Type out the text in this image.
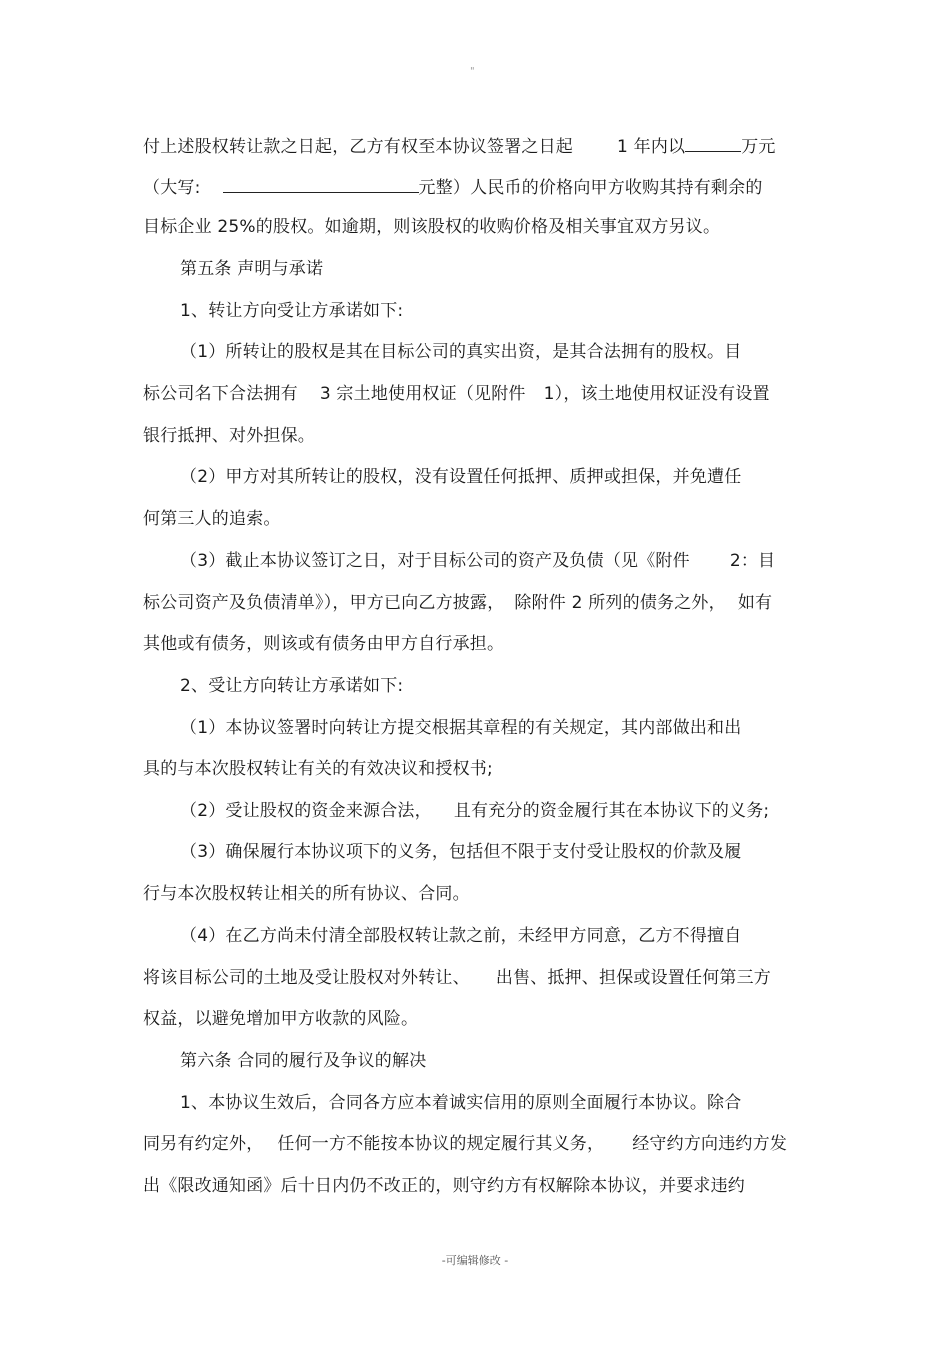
"
付上述股权转让款之日起，乙方有权至本协议签署之日起	1 年内以	万元
（大写:	元整）人民币的价格向甲方收购其持有剩余的
目标企业 25%的股权。如逾期，则该股权的收购价格及相关事宜双方另议。
第五条 声明与承诺
1、转让方向受让方承诺如下:
（1）所转让的股权是其在目标公司的真实出资，是其合法拥有的股权。目
标公司名下合法拥有 3 宗土地使用权证（见附件 1），该土地使用权证没有设置
银行抵押、对外担保。
（2）甲方对其所转让的股权，没有设置任何抵押、质押或担保，并免遭任
何第三人的追索。
（3）截止本协议签订之日，对于目标公司的资产及负债（见《附件 2：目
标公司资产及负债清单》），甲方已向乙方披露， 除附件 2 所列的债务之外， 如有
其他或有债务，则该或有债务由甲方自行承担。
2、受让方向转让方承诺如下:
（1）本协议签署时向转让方提交根据其章程的有关规定，其内部做出和出
具的与本次股权转让有关的有效决议和授权书;
（2）受让股权的资金来源合法， 且有充分的资金履行其在本协议下的义务;
（3）确保履行本协议项下的义务，包括但不限于支付受让股权的价款及履
行与本次股权转让相关的所有协议、合同。
（4）在乙方尚未付清全部股权转让款之前，未经甲方同意，乙方不得擅自
将该目标公司的土地及受让股权对外转让、 出售、抵押、担保或设置任何第三方
权益，以避免增加甲方收款的风险。
第六条 合同的履行及争议的解决
1、本协议生效后，合同各方应本着诚实信用的原则全面履行本协议。除合
同另有约定外， 任何一方不能按本协议的规定履行其义务， 经守约方向违约方发
出《限改通知函》后十日内仍不改正的，则守约方有权解除本协议，并要求违约
-可编辑修改 -
